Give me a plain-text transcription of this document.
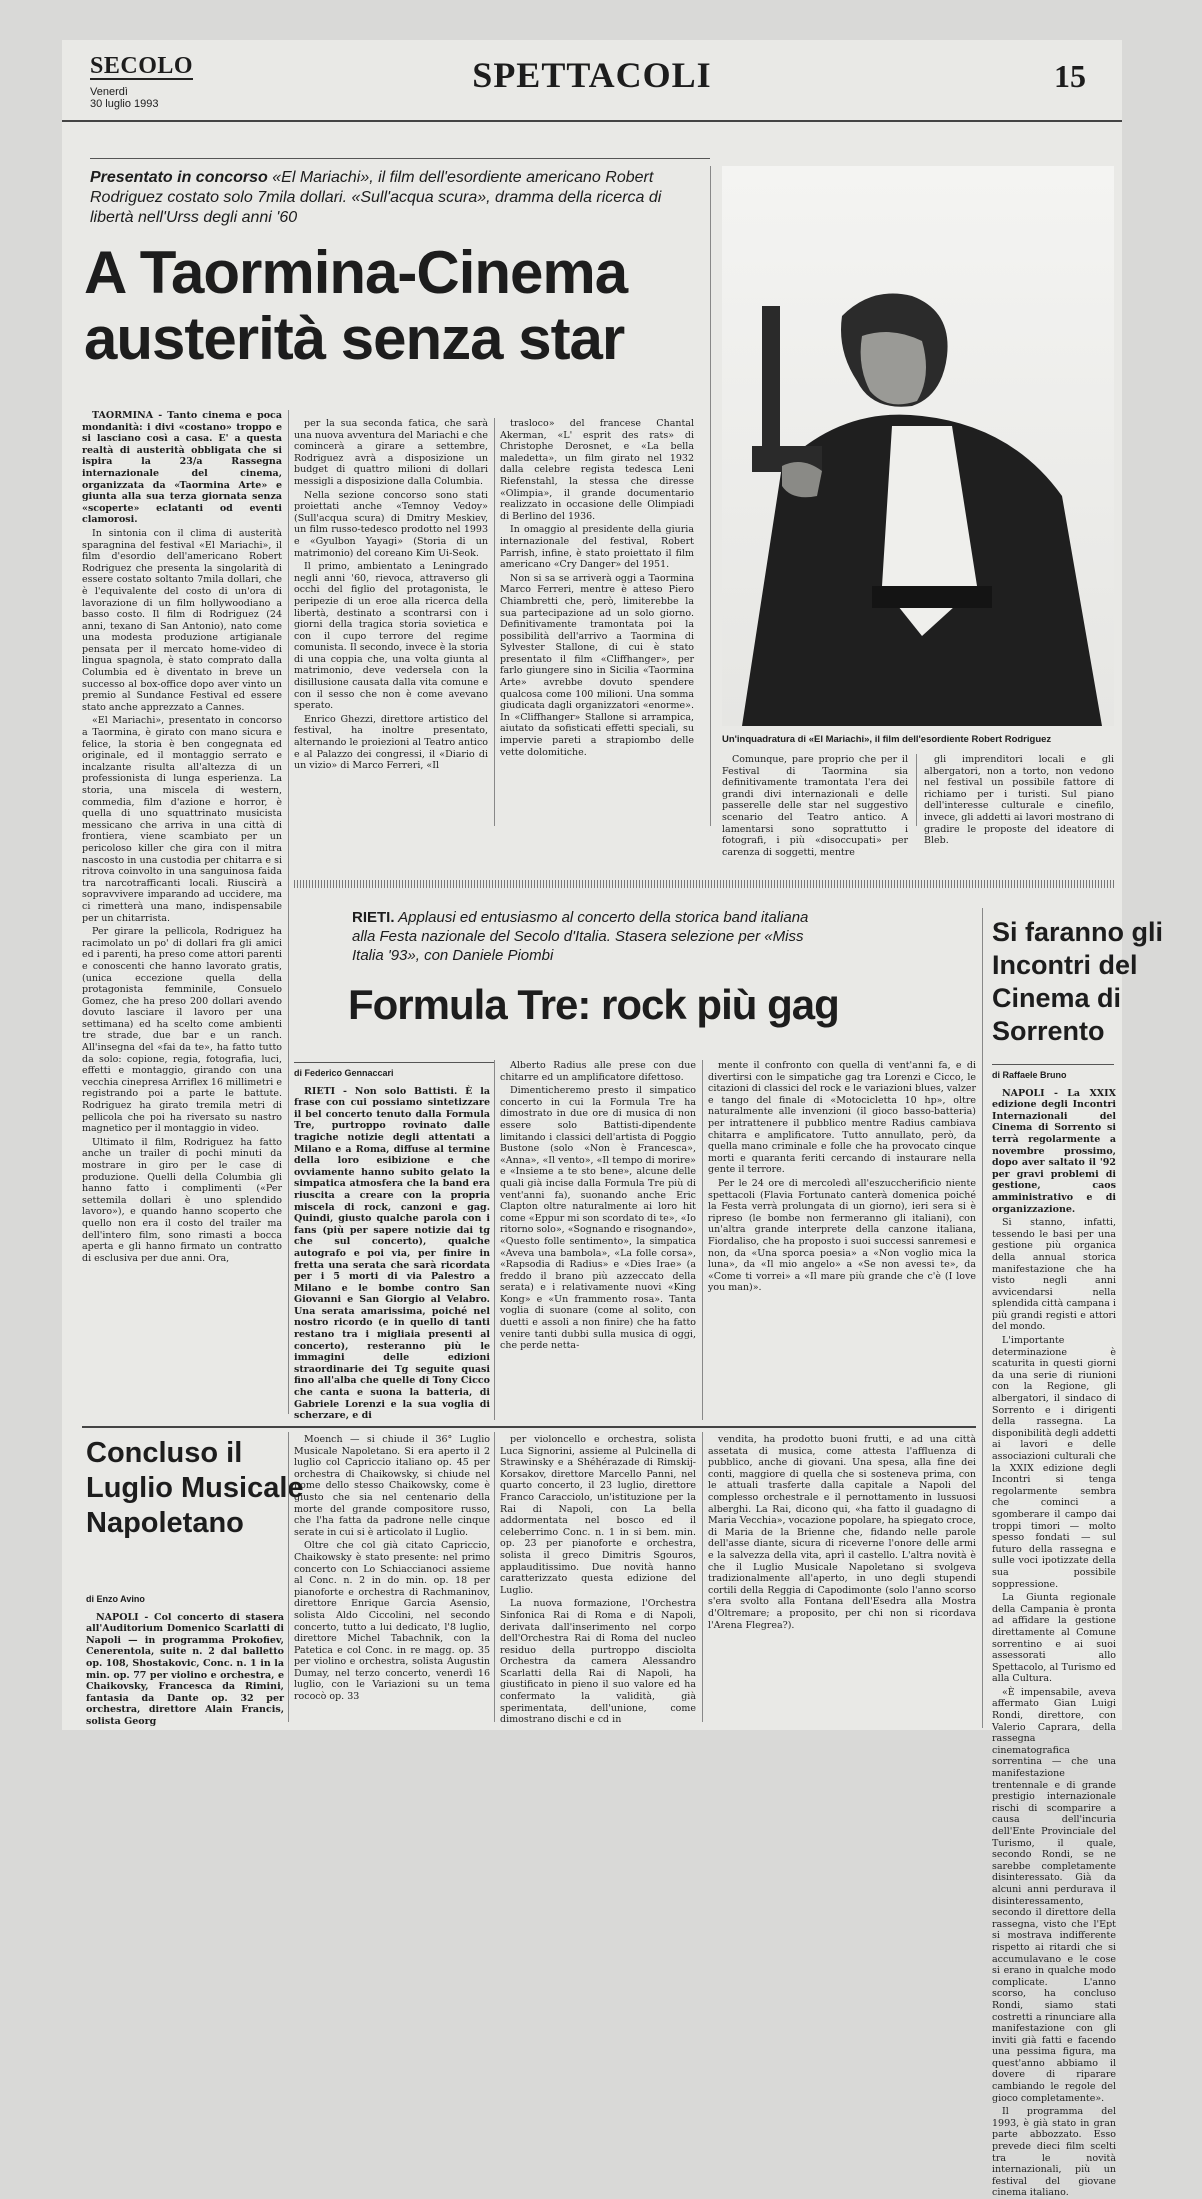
SECOLO
Venerdì
30 luglio 1993
SPETTACOLI	15
Presentato in concorso «El Mariachi», il film dell'esordiente americano Robert Rodriguez costato solo 7mila dollari. «Sull'acqua scura», dramma della ricerca di libertà nell'Urss degli anni '60
A Taormina-Cinema austerità senza star
Un'inquadratura di «El Mariachi», il film dell'esordiente Robert Rodriguez

TAORMINA - Tanto cinema e poca mondanità: i divi «costano» troppo e si lasciano così a casa. E' a questa realtà di austerità obbligata che si ispira la 23/a Rassegna internazionale del cinema, organizzata da «Taormina Arte» e giunta alla sua terza giornata senza «scoperte» eclatanti od eventi clamorosi.

In sintonia con il clima di austerità sparagnina del festival «El Mariachi», il film d'esordio dell'americano Robert Rodriguez che presenta la singolarità di essere costato soltanto 7mila dollari, che è l'equivalente del costo di un'ora di lavorazione di un film hollywoodiano a basso costo. Il film di Rodriguez (24 anni, texano di San Antonio), nato come una modesta produzione artigianale pensata per il mercato home-video di lingua spagnola, è stato comprato dalla Columbia ed è diventato in breve un successo al box-office dopo aver vinto un premio al Sundance Festival ed essere stato anche apprezzato a Cannes.

«El Mariachi», presentato in concorso a Taormina, è girato con mano sicura e felice, la storia è ben congegnata ed originale, ed il montaggio serrato e incalzante risulta all'altezza di un professionista di lunga esperienza. La storia, una miscela di western, commedia, film d'azione e horror, è quella di uno squattrinato musicista messicano che arriva in una città di frontiera, viene scambiato per un pericoloso killer che gira con il mitra nascosto in una custodia per chitarra e si ritrova coinvolto in una sanguinosa faida tra narcotrafficanti locali. Riuscirà a sopravvivere imparando ad uccidere, ma ci rimetterà una mano, indispensabile per un chitarrista.

Per girare la pellicola, Rodriguez ha racimolato un po' di dollari fra gli amici ed i parenti, ha preso come attori parenti e conoscenti che hanno lavorato gratis, (unica eccezione quella della protagonista femminile, Consuelo Gomez, che ha preso 200 dollari avendo dovuto lasciare il lavoro per una settimana) ed ha scelto come ambienti tre strade, due bar e un ranch. All'insegna del «fai da te», ha fatto tutto da solo: copione, regia, fotografia, luci, effetti e montaggio, girando con una vecchia cinepresa Arriflex 16 millimetri e registrando poi a parte le battute. Rodriguez ha girato tremila metri di pellicola che poi ha riversato su nastro magnetico per il montaggio in video.

Ultimato il film, Rodriguez ha fatto anche un trailer di pochi minuti da mostrare in giro per le case di produzione. Quelli della Columbia gli hanno fatto i complimenti («Per settemila dollari è uno splendido lavoro»), e quando hanno scoperto che quello non era il costo del trailer ma dell'intero film, sono rimasti a bocca aperta e gli hanno firmato un contratto di esclusiva per due anni. Ora,

per la sua seconda fatica, che sarà una nuova avventura del Mariachi e che comincerà a girare a settembre, Rodriguez avrà a disposizione un budget di quattro milioni di dollari messigli a disposizione dalla Columbia.

Nella sezione concorso sono stati proiettati anche «Temnoy Vedoy» (Sull'acqua scura) di Dmitry Meskiev, un film russo-tedesco prodotto nel 1993 e «Gyulbon Yayagi» (Storia di un matrimonio) del coreano Kim Ui-Seok.

Il primo, ambientato a Leningrado negli anni '60, rievoca, attraverso gli occhi del figlio del protagonista, le peripezie di un eroe alla ricerca della libertà, destinato a scontrarsi con i giorni della tragica storia sovietica e con il cupo terrore del regime comunista. Il secondo, invece è la storia di una coppia che, una volta giunta al matrimonio, deve vedersela con la disillusione causata dalla vita comune e con il sesso che non è come avevano sperato.

Enrico Ghezzi, direttore artistico del festival, ha inoltre presentato, alternando le proiezioni al Teatro antico e al Palazzo dei congressi, il «Diario di un vizio» di Marco Ferreri, «Il

trasloco» del francese Chantal Akerman, «L' esprit des rats» di Christophe Derosnet, e «La bella maledetta», un film girato nel 1932 dalla celebre regista tedesca Leni Riefenstahl, la stessa che diresse «Olimpia», il grande documentario realizzato in occasione delle Olimpiadi di Berlino del 1936.

In omaggio al presidente della giuria internazionale del festival, Robert Parrish, infine, è stato proiettato il film americano «Cry Danger» del 1951.

Non si sa se arriverà oggi a Taormina Marco Ferreri, mentre è atteso Piero Chiambretti che, però, limiterebbe la sua partecipazione ad un solo giorno. Definitivamente tramontata poi la possibilità dell'arrivo a Taormina di Sylvester Stallone, di cui è stato presentato il film «Cliffhanger», per farlo giungere sino in Sicilia «Taormina Arte» avrebbe dovuto spendere qualcosa come 100 milioni. Una somma giudicata dagli organizzatori «enorme». In «Cliffhanger» Stallone si arrampica, aiutato da sofisticati effetti speciali, su impervie pareti a strapiombo delle vette dolomitiche.

Comunque, pare proprio che per il Festival di Taormina sia definitivamente tramontata l'era dei grandi divi internazionali e delle passerelle delle star nel suggestivo scenario del Teatro antico. A lamentarsi sono soprattutto i fotografi, i più «disoccupati» per carenza di soggetti, mentre

gli imprenditori locali e gli albergatori, non a torto, non vedono nel festival un possibile fattore di richiamo per i turisti. Sul piano dell'interesse culturale e cinefilo, invece, gli addetti ai lavori mostrano di gradire le proposte del ideatore di Bleb.

RIETI. Applausi ed entusiasmo al concerto della storica band italiana alla Festa nazionale del Secolo d'Italia. Stasera selezione per «Miss Italia '93», con Daniele Piombi
Formula Tre: rock più gag
di Federico Gennaccari

RIETI - Non solo Battisti. È la frase con cui possiamo sintetizzare il bel concerto tenuto dalla Formula Tre, purtroppo rovinato dalle tragiche notizie degli attentati a Milano e a Roma, diffuse al termine della loro esibizione e che ovviamente hanno subito gelato la simpatica atmosfera che la band era riuscita a creare con la propria miscela di rock, canzoni e gag. Quindi, giusto qualche parola con i fans (più per sapere notizie dai tg che sul concerto), qualche autografo e poi via, per finire in fretta una serata che sarà ricordata per i 5 morti di via Palestro a Milano e le bombe contro San Giovanni e San Giorgio al Velabro. Una serata amarissima, poiché nel nostro ricordo (e in quello di tanti restano tra i migliaia presenti al concerto), resteranno più le immagini delle edizioni straordinarie dei Tg seguite quasi fino all'alba che quelle di Tony Cicco che canta e suona la batteria, di Gabriele Lorenzi e la sua voglia di scherzare, e di

Alberto Radius alle prese con due chitarre ed un amplificatore difettoso.

Dimenticheremo presto il simpatico concerto in cui la Formula Tre ha dimostrato in due ore di musica di non essere solo Battisti-dipendente limitando i classici dell'artista di Poggio Bustone (solo «Non è Francesca», «Anna», «Il vento», «Il tempo di morire» e «Insieme a te sto bene», alcune delle quali già incise dalla Formula Tre più di vent'anni fa), suonando anche Eric Clapton oltre naturalmente ai loro hit come «Eppur mi son scordato di te», «Io ritorno solo», «Sognando e risognando», «Questo folle sentimento», la simpatica «Aveva una bambola», «La folle corsa», «Rapsodia di Radius» e «Dies Irae» (a freddo il brano più azzeccato della serata) e i relativamente nuovi «King Kong» e «Un frammento rosa». Tanta voglia di suonare (come al solito, con duetti e assoli a non finire) che ha fatto venire tanti dubbi sulla musica di oggi, che perde netta-

mente il confronto con quella di vent'anni fa, e di divertirsi con le simpatiche gag tra Lorenzi e Cicco, le citazioni di classici del rock e le variazioni blues, valzer e tango del finale di «Motocicletta 10 hp», oltre naturalmente alle invenzioni (il gioco basso-batteria) per intrattenere il pubblico mentre Radius cambiava chitarra e amplificatore. Tutto annullato, però, da quella mano criminale e folle che ha provocato cinque morti e quaranta feriti cercando di instaurare nella gente il terrore.

Per le 24 ore di mercoledì all'eszuccherificio niente spettacoli (Flavia Fortunato canterà domenica poiché la Festa verrà prolungata di un giorno), ieri sera si è ripreso (le bombe non fermeranno gli italiani), con un'altra grande interprete della canzone italiana, Fiordaliso, che ha proposto i suoi successi sanremesi e non, da «Una sporca poesia» a «Non voglio mica la luna», da «Il mio angelo» a «Se non avessi te», da «Come ti vorrei» a «Il mare più grande che c'è (I love you man)».

Si faranno gli Incontri del Cinema di Sorrento
di Raffaele Bruno

NAPOLI - La XXIX edizione degli Incontri Internazionali del Cinema di Sorrento si terrà regolarmente a novembre prossimo, dopo aver saltato il '92 per gravi problemi di gestione, caos amministrativo e di organizzazione.

Si stanno, infatti, tessendo le basi per una gestione più organica della annual storica manifestazione che ha visto negli anni avvicendarsi nella splendida città campana i più grandi registi e attori del mondo.

L'importante determinazione è scaturita in questi giorni da una serie di riunioni con la Regione, gli albergatori, il sindaco di Sorrento e i dirigenti della rassegna. La disponibilità degli addetti ai lavori e delle associazioni culturali che la XXIX edizione degli Incontri si tenga regolarmente sembra che cominci a sgomberare il campo dai troppi timori — molto spesso fondati — sul futuro della rassegna e sulle voci ipotizzate della sua possibile soppressione.

La Giunta regionale della Campania è pronta ad affidare la gestione direttamente al Comune sorrentino e ai suoi assessorati allo Spettacolo, al Turismo ed alla Cultura.

«È impensabile, aveva affermato Gian Luigi Rondi, direttore, con Valerio Caprara, della rassegna cinematografica sorrentina — che una manifestazione trentennale e di grande prestigio internazionale rischi di scomparire a causa dell'incuria dell'Ente Provinciale del Turismo, il quale, secondo Rondi, se ne sarebbe completamente disinteressato. Già da alcuni anni perdurava il disinteressamento, secondo il direttore della rassegna, visto che l'Ept si mostrava indifferente rispetto ai ritardi che si accumulavano e le cose si erano in qualche modo complicate. L'anno scorso, ha concluso Rondi, siamo stati costretti a rinunciare alla manifestazione con gli inviti già fatti e facendo una pessima figura, ma quest'anno abbiamo il dovere di riparare cambiando le regole del gioco completamente».

Il programma del 1993, è già stato in gran parte abbozzato. Esso prevede dieci film scelti tra le novità internazionali, più un festival del giovane cinema italiano.

Concluso il Luglio Musicale Napoletano
di Enzo Avino

NAPOLI - Col concerto di stasera all'Auditorium Domenico Scarlatti di Napoli — in programma Prokofiev, Cenerentola, suite n. 2 dal balletto op. 108, Shostakovic, Conc. n. 1 in la min. op. 77 per violino e orchestra, e Chaikovsky, Francesca da Rimini, fantasia da Dante op. 32 per orchestra, direttore Alain Francis, solista Georg

Moench — si chiude il 36° Luglio Musicale Napoletano. Si era aperto il 2 luglio col Capriccio italiano op. 45 per orchestra di Chaikowsky, si chiude nel nome dello stesso Chaikowsky, come è giusto che sia nel centenario della morte del grande compositore russo, che l'ha fatta da padrone nelle cinque serate in cui si è articolato il Luglio.

Oltre che col già citato Capriccio, Chaikowsky è stato presente: nel primo concerto con Lo Schiaccianoci assieme al Conc. n. 2 in do min. op. 18 per pianoforte e orchestra di Rachmaninov, direttore Enrique Garcia Asensio, solista Aldo Ciccolini, nel secondo concerto, tutto a lui dedicato, l'8 luglio, direttore Michel Tabachnik, con la Patetica e col Conc. in re magg. op. 35 per violino e orchestra, solista Augustin Dumay, nel terzo concerto, venerdì 16 luglio, con le Variazioni su un tema rococò op. 33

per violoncello e orchestra, solista Luca Signorini, assieme al Pulcinella di Strawinsky e a Shéhérazade di Rimskij-Korsakov, direttore Marcello Panni, nel quarto concerto, il 23 luglio, direttore Franco Caracciolo, un'istituzione per la Rai di Napoli, con La bella addormentata nel bosco ed il celeberrimo Conc. n. 1 in si bem. min. op. 23 per pianoforte e orchestra, solista il greco Dimitris Sgouros, applauditissimo. Due novità hanno caratterizzato questa edizione del Luglio.

La nuova formazione, l'Orchestra Sinfonica Rai di Roma e di Napoli, derivata dall'inserimento nel corpo dell'Orchestra Rai di Roma del nucleo residuo della purtroppo disciolta Orchestra da camera Alessandro Scarlatti della Rai di Napoli, ha giustificato in pieno il suo valore ed ha confermato la validità, già sperimentata, dell'unione, come dimostrano dischi e cd in

vendita, ha prodotto buoni frutti, e ad una città assetata di musica, come attesta l'affluenza di pubblico, anche di giovani. Una spesa, alla fine dei conti, maggiore di quella che si sosteneva prima, con le attuali trasferte dalla capitale a Napoli del complesso orchestrale e il pernottamento in lussuosi alberghi. La Rai, dicono qui, «ha fatto il guadagno di Maria Vecchia», vocazione popolare, ha spiegato croce, di Maria de la Brienne che, fidando nelle parole dell'asse diante, sicura di riceverne l'onore delle armi e la salvezza della vita, aprì il castello. L'altra novità è che il Luglio Musicale Napoletano si svolgeva tradizionalmente all'aperto, in uno degli stupendi cortili della Reggia di Capodimonte (solo l'anno scorso s'era svolto alla Fontana dell'Esedra alla Mostra d'Oltremare; a proposito, per chi non si ricordava l'Arena Flegrea?).
